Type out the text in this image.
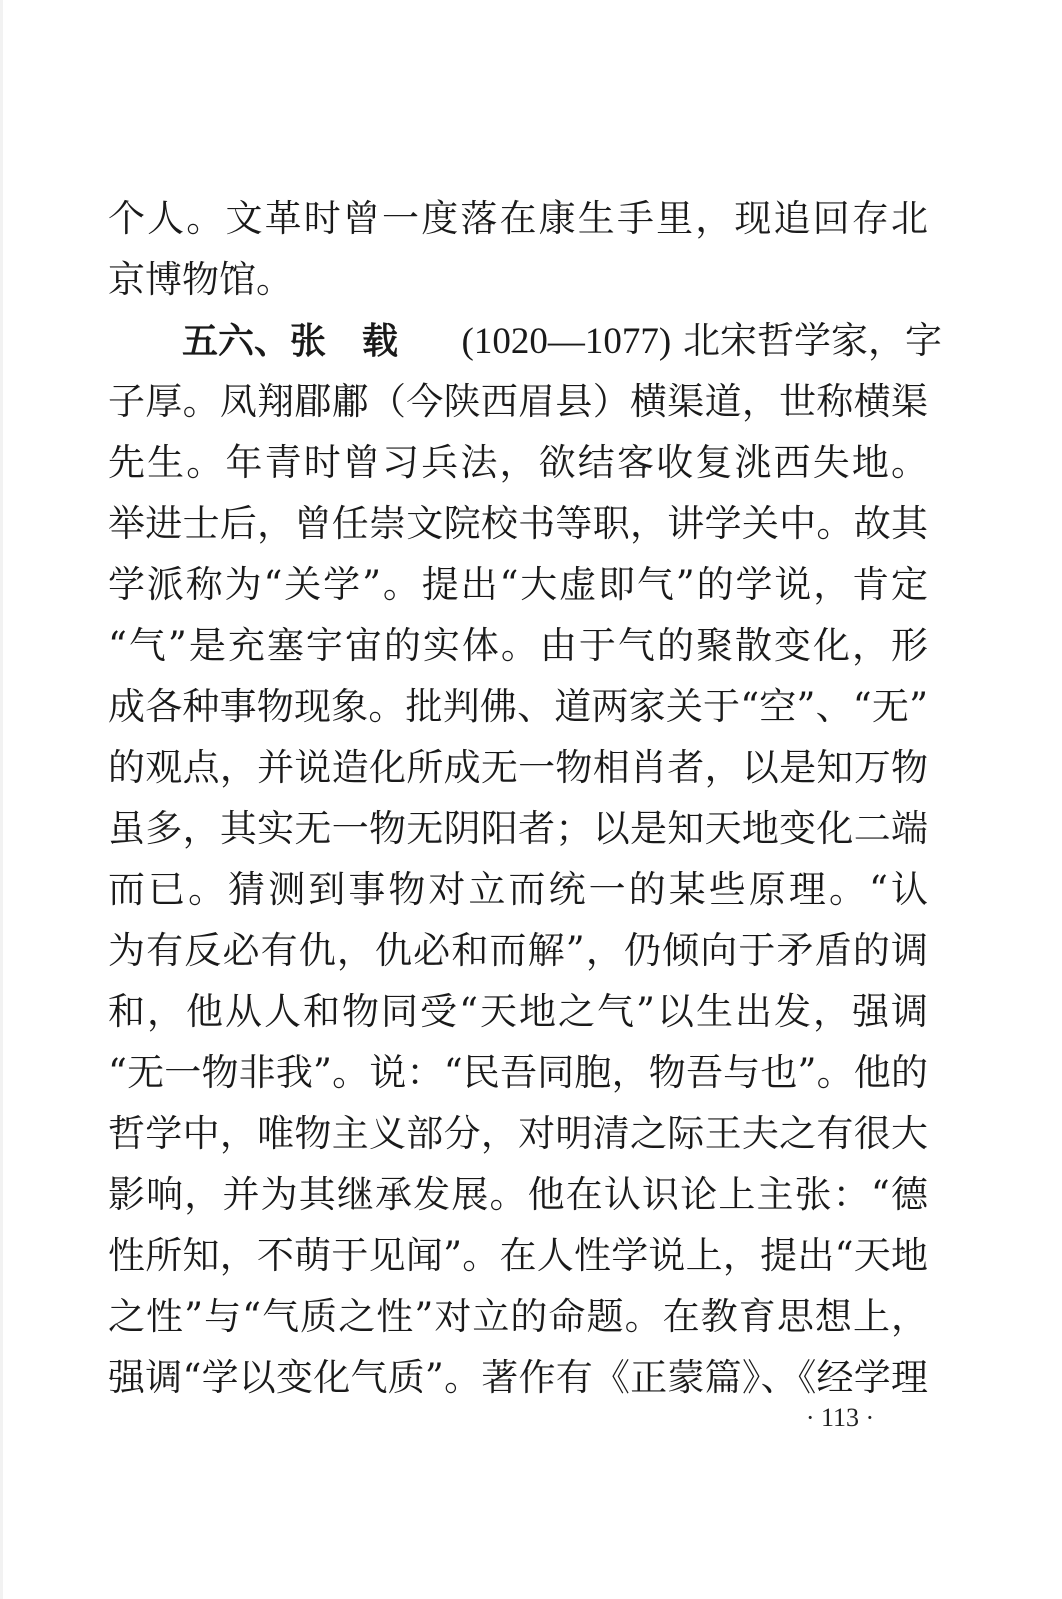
个人。文革时曾一度落在康生手里，现追回存北
京博物馆。
五六、张　载 (1020—1077) 北宋哲学家，字
子厚。凤翔郿鄘（今陕西眉县）横渠道，世称横渠
先生。年青时曾习兵法，欲结客收复洮西失地。
举进士后，曾任崇文院校书等职，讲学关中。故其
学派称为“关学”。提出“大虚即气”的学说，肯定
“气”是充塞宇宙的实体。由于气的聚散变化，形
成各种事物现象。批判佛、道两家关于“空”、“无”
的观点，并说造化所成无一物相肖者，以是知万物
虽多，其实无一物无阴阳者；以是知天地变化二端
而已。猜测到事物对立而统一的某些原理。“认
为有反必有仇，仇必和而解”，仍倾向于矛盾的调
和，他从人和物同受“天地之气”以生出发，强调
“无一物非我”。说：“民吾同胞，物吾与也”。他的
哲学中，唯物主义部分，对明清之际王夫之有很大
影响，并为其继承发展。他在认识论上主张：“德
性所知，不萌于见闻”。在人性学说上，提出“天地
之性”与“气质之性”对立的命题。在教育思想上，
强调“学以变化气质”。著作有《正蒙篇》、《经学理
· 113 ·
